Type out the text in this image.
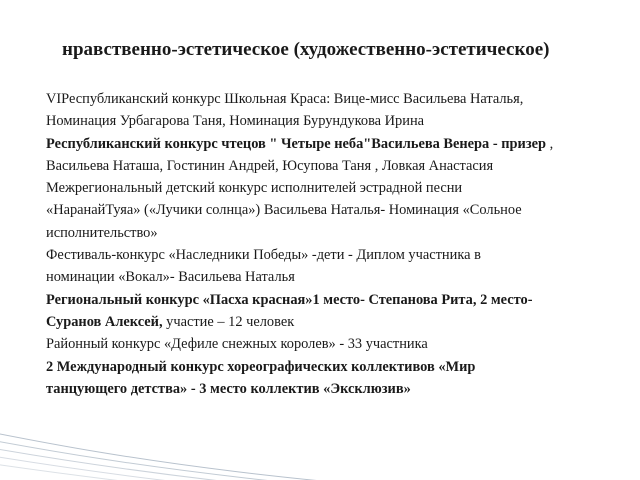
нравственно-эстетическое (художественно-эстетическое)
VIРеспубликанский конкурс Школьная Краса: Вице-мисс Васильева Наталья,
Номинация Урбагарова Таня, Номинация Бурундукова Ирина
Республиканский конкурс чтецов " Четыре неба"Васильева Венера - призер ,
Васильева Наташа, Гостинин Андрей, Юсупова Таня , Ловкая Анастасия
Межрегиональный детский конкурс исполнителей эстрадной песни
«НаранайТуяа» («Лучики солнца») Васильева Наталья- Номинация «Сольное
исполнительство»
Фестиваль-конкурс «Наследники Победы» -дети - Диплом участника в
номинации «Вокал»- Васильева Наталья
Региональный конкурс «Пасха красная»1 место- Степанова Рита, 2 место-
Суранов Алексей, участие – 12 человек
Районный конкурс «Дефиле снежных королев» - 33 участника
2 Международный конкурс хореографических коллективов «Мир
танцующего детства» - 3 место коллектив «Эксклюзив»
